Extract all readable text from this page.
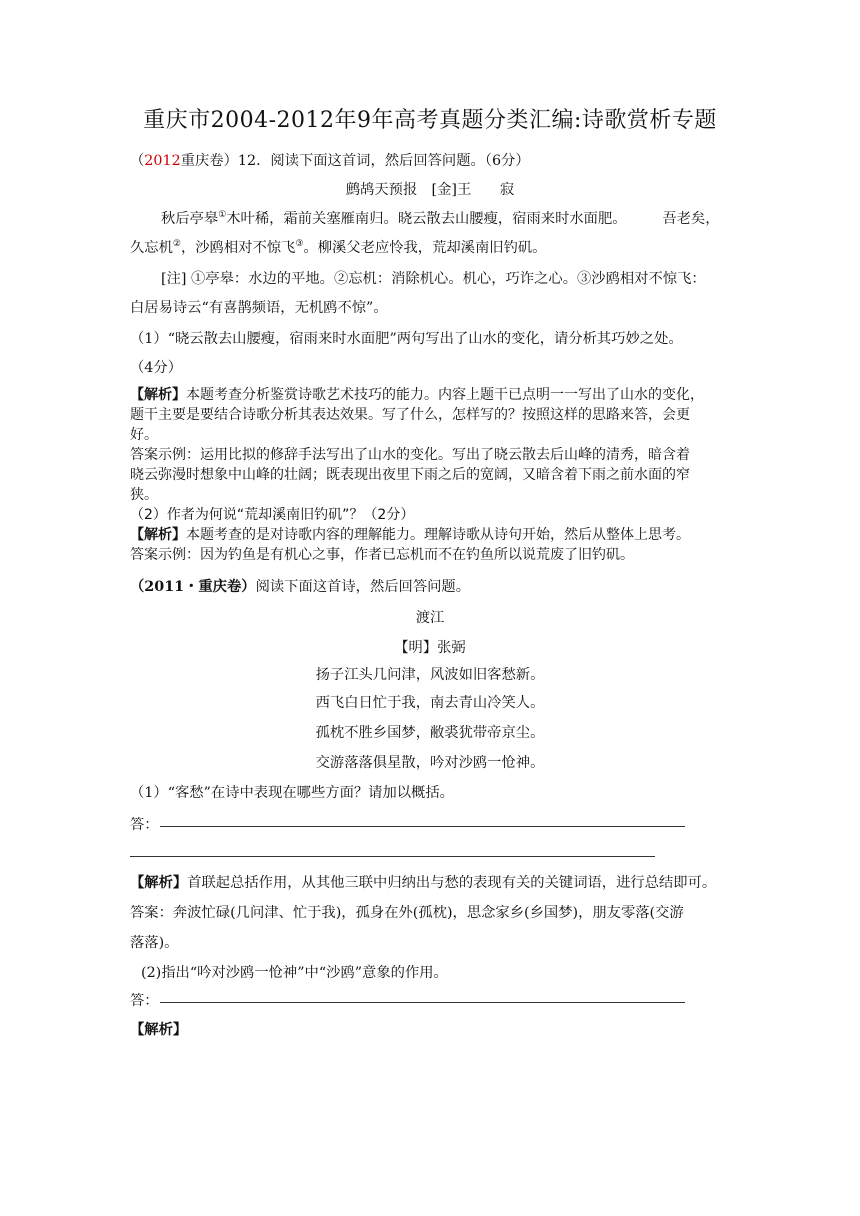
重庆市2004-2012年9年高考真题分类汇编:诗歌赏析专题
（2012重庆卷）12．阅读下面这首词，然后回答问题。（6分）
鹧鸪天预报　[金]王　　寂
秋后亭皋①木叶稀，霜前关塞雁南归。晓云散去山腰瘦，宿雨来时水面肥。　　　吾老矣，
久忘机②，沙鸥相对不惊飞③。柳溪父老应怜我，荒却溪南旧钓矶。
[注] ①亭皋：水边的平地。②忘机：消除机心。机心，巧诈之心。③沙鸥相对不惊飞：
白居易诗云“有喜鹊频语，无机鸥不惊”。
（1）“晓云散去山腰瘦，宿雨来时水面肥”两句写出了山水的变化，请分析其巧妙之处。
（4分）
【解析】本题考查分析鉴赏诗歌艺术技巧的能力。内容上题干已点明一一写出了山水的变化，
题干主要是要结合诗歌分析其表达效果。写了什么，怎样写的？按照这样的思路来答，会更
好。
答案示例：运用比拟的修辞手法写出了山水的变化。写出了晓云散去后山峰的清秀，暗含着
晓云弥漫时想象中山峰的壮阔；既表现出夜里下雨之后的宽阔，又暗含着下雨之前水面的窄
狭。
（2）作者为何说“荒却溪南旧钓矶”？（2分）
【解析】本题考查的是对诗歌内容的理解能力。理解诗歌从诗句开始，然后从整体上思考。
答案示例：因为钓鱼是有机心之事，作者已忘机而不在钓鱼所以说荒废了旧钓矶。
（2011・重庆卷）阅读下面这首诗，然后回答问题。
渡江
【明】张弼
扬子江头几问津，风波如旧客愁新。
西飞白日忙于我，南去青山冷笑人。
孤枕不胜乡国梦，敝裘犹带帝京尘。
交游落落俱星散，吟对沙鸥一怆神。
（1）“客愁”在诗中表现在哪些方面？请加以概括。
答：
【解析】首联起总括作用，从其他三联中归纳出与愁的表现有关的关键词语，进行总结即可。
答案：奔波忙碌(几问津、忙于我)，孤身在外(孤枕)，思念家乡(乡国梦)，朋友零落(交游
落落)。
(2)指出“吟对沙鸥一怆神”中“沙鸥”意象的作用。
答：
【解析】
